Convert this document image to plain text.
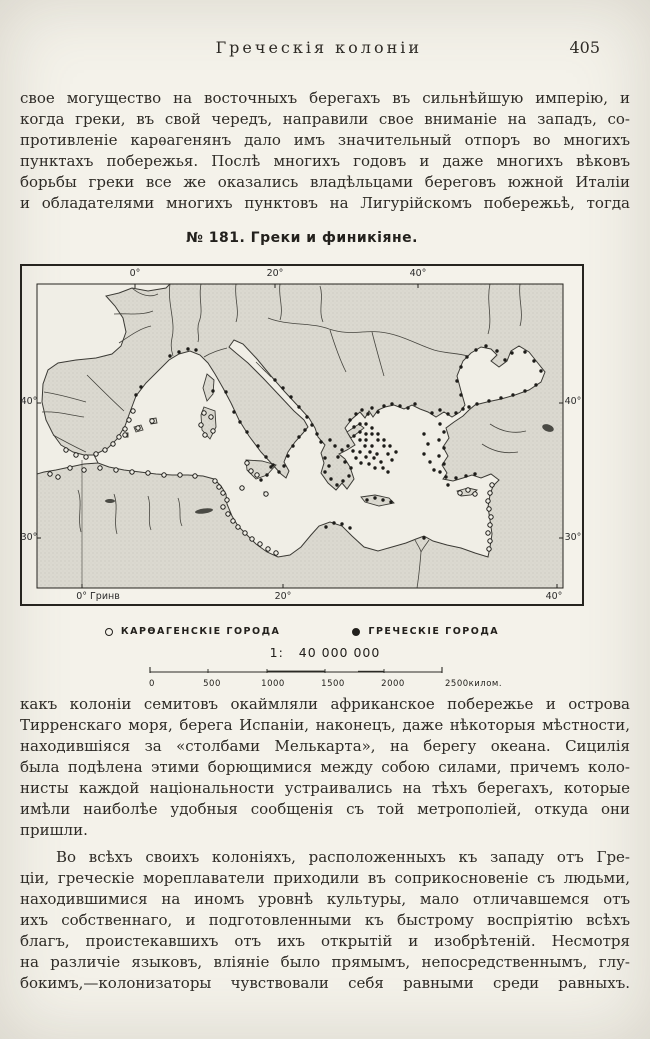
Греческія колоніи	405
свое могущество на восточныхъ берегахъ въ сильнѣйшую имперію, и
когда греки, въ свой чередъ, направили свое вниманіе на западъ, со-
противленіе карѳагенянъ дало имъ значительный отпоръ во многихъ
пунктахъ побережья. Послѣ многихъ годовъ и даже многихъ вѣковъ
борьбы греки все же оказались владѣльцами береговъ южной Италіи
и обладателями многихъ пунктовъ на Лигурійскомъ побережьѣ, тогда
№ 181. Греки и финикіяне.
0°	20°	40°
40°
30°
40°
30°
0° Гринв	20°	40°
КАРѲАГЕНСКІЕ ГОРОДА	ГРЕЧЕСКІЕ ГОРОДА
1:   40 000 000
0	500	1000	1500	2000	2500килом.
какъ колоніи семитовъ окаймляли африканское побережье и острова
Тирренскаго моря, берега Испаніи, наконецъ, даже нѣкоторыя мѣстности,
находившіяся за «столбами Мелькарта», на берегу океана. Сицилія
была подѣлена этими борющимися между собою силами, причемъ коло-
нисты каждой національности устраивались на тѣхъ берегахъ, которые
имѣли наиболѣе удобныя сообщенія съ той метрополіей, откуда они пришли.
Во всѣхъ своихъ колоніяхъ, расположенныхъ къ западу отъ Гре-
ціи, греческіе мореплаватели приходили въ соприкосновеніе съ людьми,
находившимися на иномъ уровнѣ культуры, мало отличавшемся отъ
ихъ собственнаго, и подготовленными къ быстрому воспріятію всѣхъ
благъ, проистекавшихъ отъ ихъ открытій и изобрѣтеній. Несмотря
на различіе языковъ, вліяніе было прямымъ, непосредственнымъ, глу-
бокимъ,—колонизаторы чувствовали себя равными среди равныхъ.
